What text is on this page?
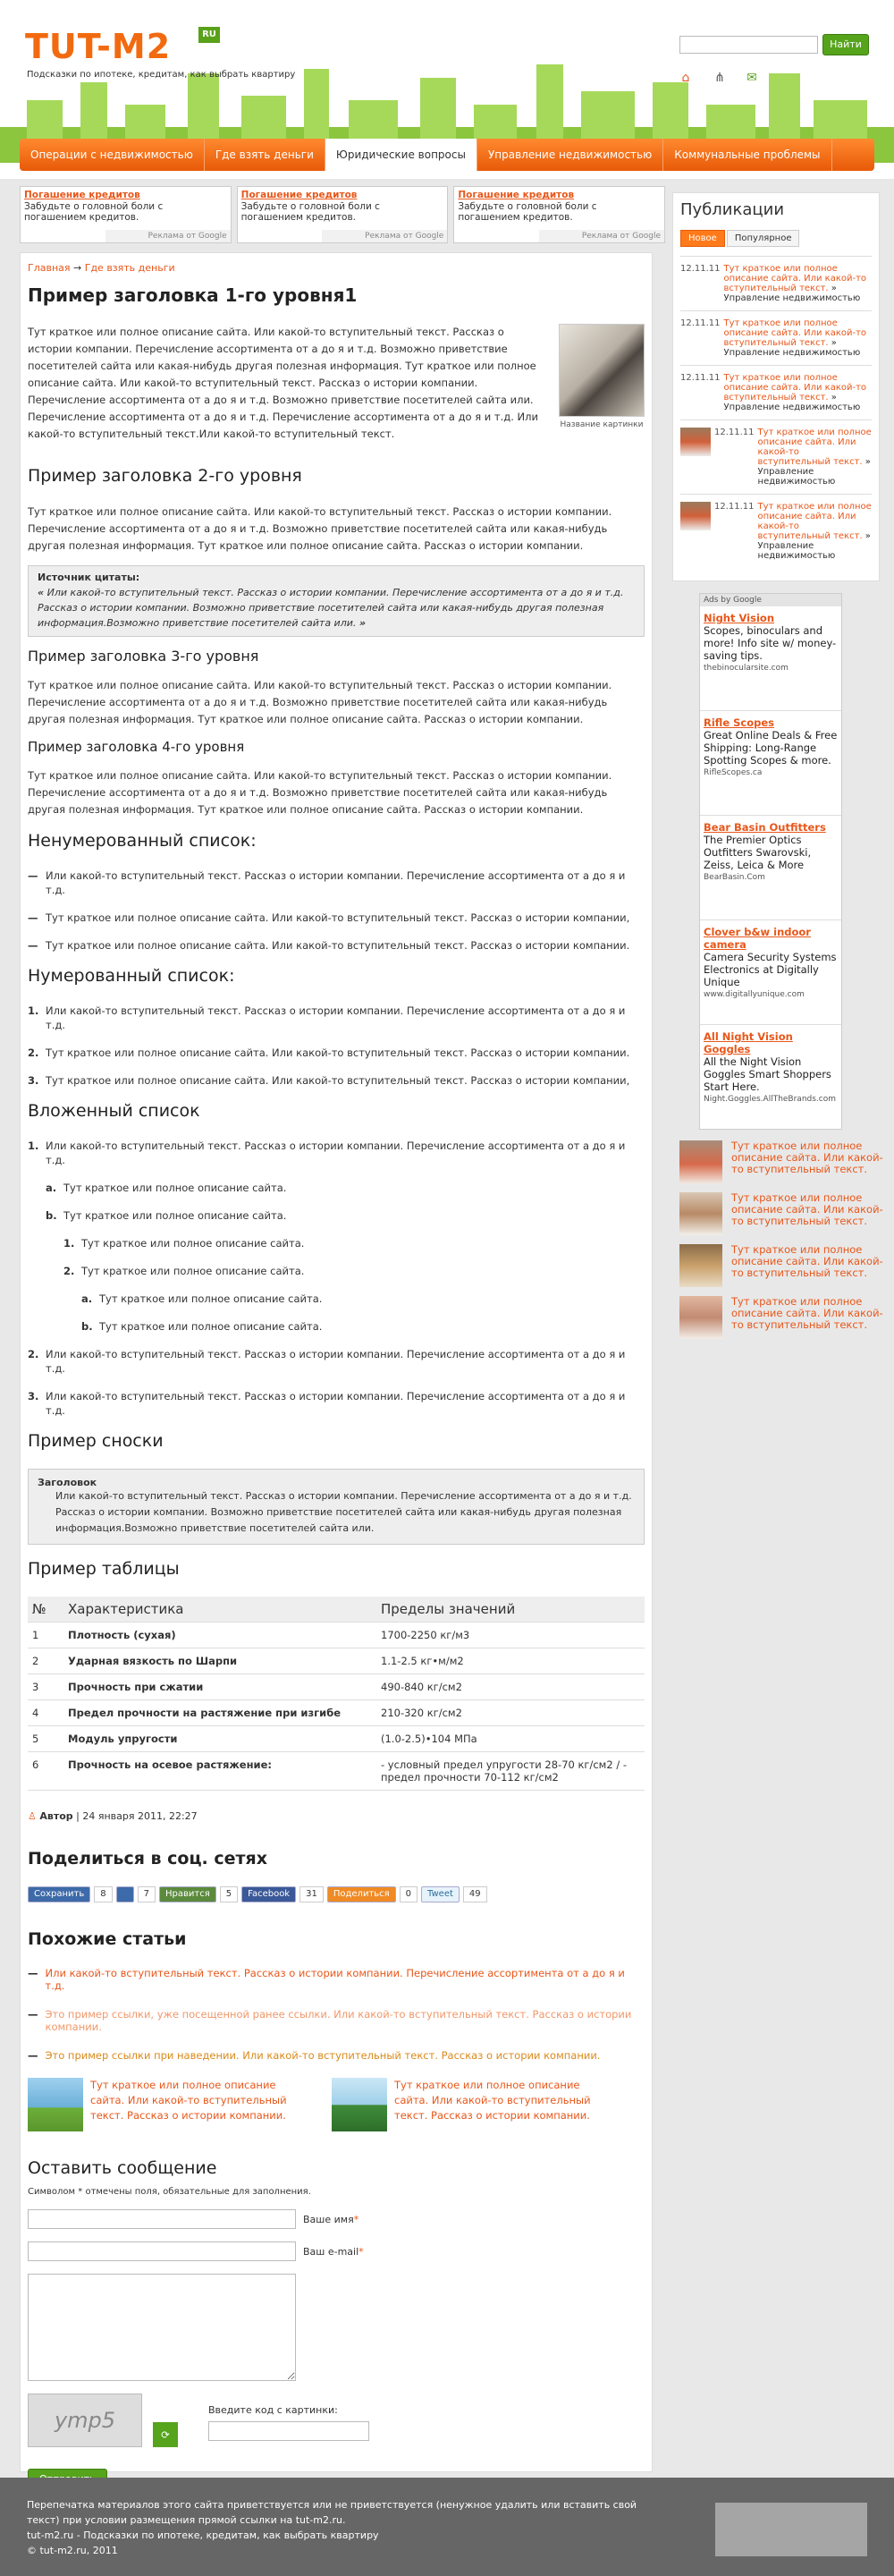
TUT-M2	RU
Подсказки по ипотеке, кредитам, как выбрать квартиру
Найти
⌂	⋔ ✉
Операции с недвижимостью	Где взять деньги	Юридические вопросы	Управление недвижимостью	Коммунальные проблемы
Погашение кредитов
Забудьте о головной боли с погашением кредитов.
Реклама от Google
Погашение кредитов
Забудьте о головной боли с погашением кредитов.
Реклама от Google
Погашение кредитов
Забудьте о головной боли с погашением кредитов.
Реклама от Google
Главная → Где взять деньги
Пример заголовка 1-го уровня1

Тут краткое или полное описание сайта. Или какой-то вступительный текст. Рассказ о истории компании. Перечисление ассортимента от а до я и т.д. Возможно приветствие посетителей сайта или какая-нибудь другая полезная информация. Тут краткое или полное описание сайта. Или какой-то вступительный текст. Рассказ о истории компании. Перечисление ассортимента от а до я и т.д. Возможно приветствие посетителей сайта или. Перечисление ассортимента от а до я и т.д. Перечисление ассортимента от а до я и т.д. Или какой-то вступительный текст.Или какой-то вступительный текст.

Название картинки
Пример заголовка 2-го уровня

Тут краткое или полное описание сайта. Или какой-то вступительный текст. Рассказ о истории компании. Перечисление ассортимента от а до я и т.д. Возможно приветствие посетителей сайта или какая-нибудь другая полезная информация. Тут краткое или полное описание сайта. Рассказ о истории компании.

Источник цитаты:
« Или какой-то вступительный текст. Рассказ о истории компании. Перечисление ассортимента от а до я и т.д. Рассказ о истории компании. Возможно приветствие посетителей сайта или какая-нибудь другая полезная информация.Возможно приветствие посетителей сайта или. »
Пример заголовка 3-го уровня

Тут краткое или полное описание сайта. Или какой-то вступительный текст. Рассказ о истории компании. Перечисление ассортимента от а до я и т.д. Возможно приветствие посетителей сайта или какая-нибудь другая полезная информация. Тут краткое или полное описание сайта. Рассказ о истории компании.

Пример заголовка 4-го уровня

Тут краткое или полное описание сайта. Или какой-то вступительный текст. Рассказ о истории компании. Перечисление ассортимента от а до я и т.д. Возможно приветствие посетителей сайта или какая-нибудь другая полезная информация. Тут краткое или полное описание сайта. Рассказ о истории компании.

Ненумерованный список:
— Или какой-то вступительный текст. Рассказ о истории компании. Перечисление ассортимента от а до я и т.д.
— Тут краткое или полное описание сайта. Или какой-то вступительный текст. Рассказ о истории компании,
— Тут краткое или полное описание сайта. Или какой-то вступительный текст. Рассказ о истории компании.
Нумерованный список:
1. Или какой-то вступительный текст. Рассказ о истории компании. Перечисление ассортимента от а до я и т.д.
2. Тут краткое или полное описание сайта. Или какой-то вступительный текст. Рассказ о истории компании.
3. Тут краткое или полное описание сайта. Или какой-то вступительный текст. Рассказ о истории компании,
Вложенный список
1. Или какой-то вступительный текст. Рассказ о истории компании. Перечисление ассортимента от а до я и т.д.
a. Тут краткое или полное описание сайта.
b. Тут краткое или полное описание сайта.
1. Тут краткое или полное описание сайта.
2. Тут краткое или полное описание сайта.
a. Тут краткое или полное описание сайта.
b. Тут краткое или полное описание сайта.
2. Или какой-то вступительный текст. Рассказ о истории компании. Перечисление ассортимента от а до я и т.д.
3. Или какой-то вступительный текст. Рассказ о истории компании. Перечисление ассортимента от а до я и т.д.
Пример сноски
Заголовок
Или какой-то вступительный текст. Рассказ о истории компании. Перечисление ассортимента от а до я и т.д. Рассказ о истории компании. Возможно приветствие посетителей сайта или какая-нибудь другая полезная информация.Возможно приветствие посетителей сайта или.
Пример таблицы
№	Характеристика	Пределы значений
1	Плотность (сухая)	1700-2250 кг/м3
2	Ударная вязкость по Шарпи	1.1-2.5 кг•м/м2
3	Прочность при сжатии	490-840 кг/см2
4	Предел прочности на растяжение при изгибе	210-320 кг/см2
5	Модуль упругости	(1.0-2.5)•104 МПа
6	Прочность на осевое растяжение:	- условный предел упругости 28-70 кг/см2 / - предел прочности 70-112 кг/см2
♙ Автор | 24 января 2011, 22:27
Поделиться в соц. сетях
Сохранить	8	7	Нравится	5	Facebook	31	Поделиться	0	Tweet	49
Похожие статьи
— Или какой-то вступительный текст. Рассказ о истории компании. Перечисление ассортимента от а до я и т.д.
— Это пример ссылки, уже посещенной ранее ссылки. Или какой-то вступительный текст. Рассказ о истории компании.
— Это пример ссылки при наведении. Или какой-то вступительный текст. Рассказ о истории компании.
Тут краткое или полное описание сайта. Или какой-то вступительный текст. Рассказ о истории компании.
Тут краткое или полное описание сайта. Или какой-то вступительный текст. Рассказ о истории компании.
Оставить сообщение
Символом * отмечены поля, обязательные для заполнения.
Ваше имя*
Ваш e-mail*
ymp5
⟳
Введите код с картинки:
Публикации
Новое	Популярное
12.11.11 Тут краткое или полное описание сайта. Или какой-то вступительный текст. » Управление недвижимостью
12.11.11 Тут краткое или полное описание сайта. Или какой-то вступительный текст. » Управление недвижимостью
12.11.11 Тут краткое или полное описание сайта. Или какой-то вступительный текст. » Управление недвижимостью
12.11.11 Тут краткое или полное описание сайта. Или какой-то вступительный текст. » Управление недвижимостью
12.11.11 Тут краткое или полное описание сайта. Или какой-то вступительный текст. » Управление недвижимостью
Ads by Google
Night Vision
Scopes, binoculars and more! Info site w/ money-saving tips.
thebinocularsite.com
Rifle Scopes
Great Online Deals & Free Shipping: Long-Range Spotting Scopes & more.
RifleScopes.ca
Bear Basin Outfitters
The Premier Optics Outfitters Swarovski, Zeiss, Leica & More
BearBasin.Com
Clover b&w indoor camera
Camera Security Systems Electronics at Digitally Unique
www.digitallyunique.com
All Night Vision Goggles
All the Night Vision Goggles Smart Shoppers Start Here.
Night.Goggles.AllTheBrands.com
Тут краткое или полное описание сайта. Или какой-то вступительный текст.
Тут краткое или полное описание сайта. Или какой-то вступительный текст.
Тут краткое или полное описание сайта. Или какой-то вступительный текст.
Тут краткое или полное описание сайта. Или какой-то вступительный текст.
Перепечатка материалов этого сайта приветствуется или не приветствуется (ненужное удалить или вставить свой
текст) при условии размещения прямой ссылки на tut-m2.ru.
tut-m2.ru - Подсказки по ипотеке, кредитам, как выбрать квартиру
© tut-m2.ru, 2011
